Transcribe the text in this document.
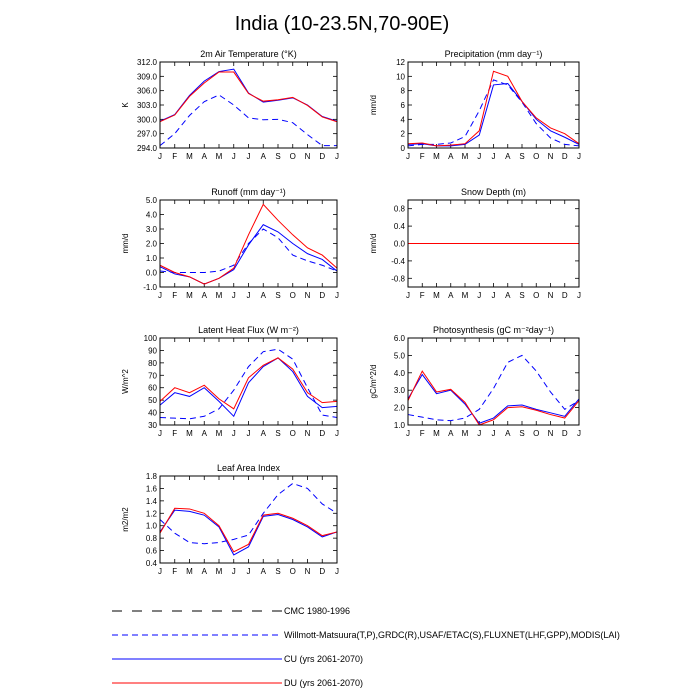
India (10-23.5N,70-90E)
2m Air Temperature (°K)
K
294.0
297.0
300.0
303.0
306.0
309.0
312.0
J F M A M J J A S O N D J
Precipitation (mm day⁻¹)
mm/d
0
2
4
6
8
10
12
J F M A M J J A S O N D J
Runoff (mm day⁻¹)
mm/d
-1.0
0.0
1.0
2.0
3.0
4.0
5.0
J F M A M J J A S O N D J
Snow Depth (m)
mm/d
-0.8
-0.4
0.0
0.4
0.8
J F M A M J J A S O N D J
Latent Heat Flux (W m⁻²)
W/m^2
30
40
50
60
70
80
90
100
J F M A M J J A S O N D J
Photosynthesis (gC m⁻²day⁻¹)
gC/m^2/d
1.0
2.0
3.0
4.0
5.0
6.0
J F M A M J J A S O N D J
Leaf Area Index
m2/m2
0.4
0.6
0.8
1.0
1.2
1.4
1.6
1.8
J F M A M J J A S O N D J
CMC 1980-1996
Willmott-Matsuura(T,P),GRDC(R),USAF/ETAC(S),FLUXNET(LHF,GPP),MODIS(LAI)
CU (yrs 2061-2070)
DU (yrs 2061-2070)
